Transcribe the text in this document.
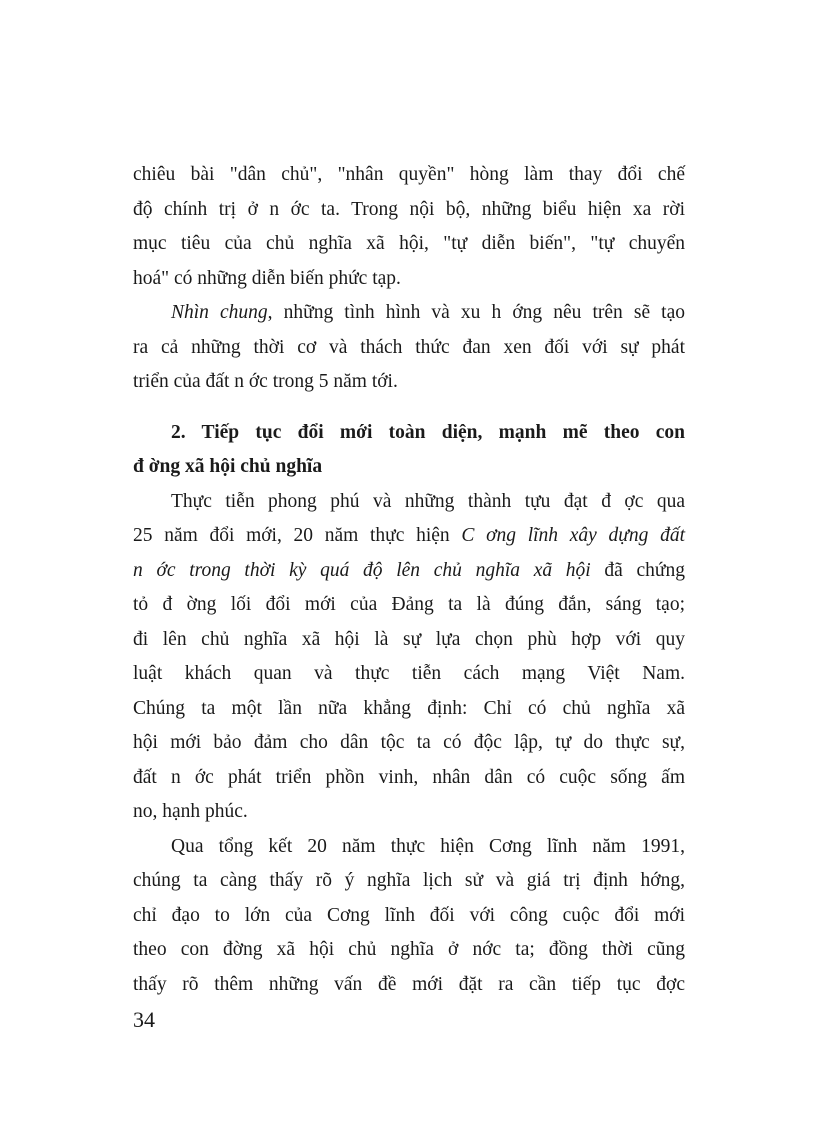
chiêu bài "dân chủ", "nhân quyền" hòng làm thay đổi chế
độ chính trị ở n ớc ta. Trong nội bộ, những biểu hiện xa rời
mục tiêu của chủ nghĩa xã hội, "tự diễn biến", "tự chuyển
hoá" có những diễn biến phức tạp.
Nhìn chung, những tình hình và xu h ớng nêu trên sẽ tạo
ra cả những thời cơ và thách thức đan xen đối với sự phát
triển của đất n ớc trong 5 năm tới.
2. Tiếp tục đổi mới toàn diện, mạnh mẽ theo con
đ ờng xã hội chủ nghĩa
Thực tiễn phong phú và những thành tựu đạt đ ợc qua
25 năm đổi mới, 20 năm thực hiện C ơng lĩnh xây dựng đất
n ớc trong thời kỳ quá độ lên chủ nghĩa xã hội đã chứng
tỏ đ ờng lối đổi mới của Đảng ta là đúng đắn, sáng tạo;
đi lên chủ nghĩa xã hội là sự lựa chọn phù hợp với quy
luật khách quan và thực tiễn cách mạng Việt Nam.
Chúng ta một lần nữa khẳng định: Chỉ có chủ nghĩa xã
hội mới bảo đảm cho dân tộc ta có độc lập, tự do thực sự,
đất n ớc phát triển phồn vinh, nhân dân có cuộc sống ấm
no, hạnh phúc.
Qua tổng kết 20 năm thực hiện Cơng lĩnh năm 1991,
chúng ta càng thấy rõ ý nghĩa lịch sử và giá trị định hớng,
chỉ đạo to lớn của Cơng lĩnh đối với công cuộc đổi mới
theo con đờng xã hội chủ nghĩa ở nớc ta; đồng thời cũng
thấy rõ thêm những vấn đề mới đặt ra cần tiếp tục đợc
34
